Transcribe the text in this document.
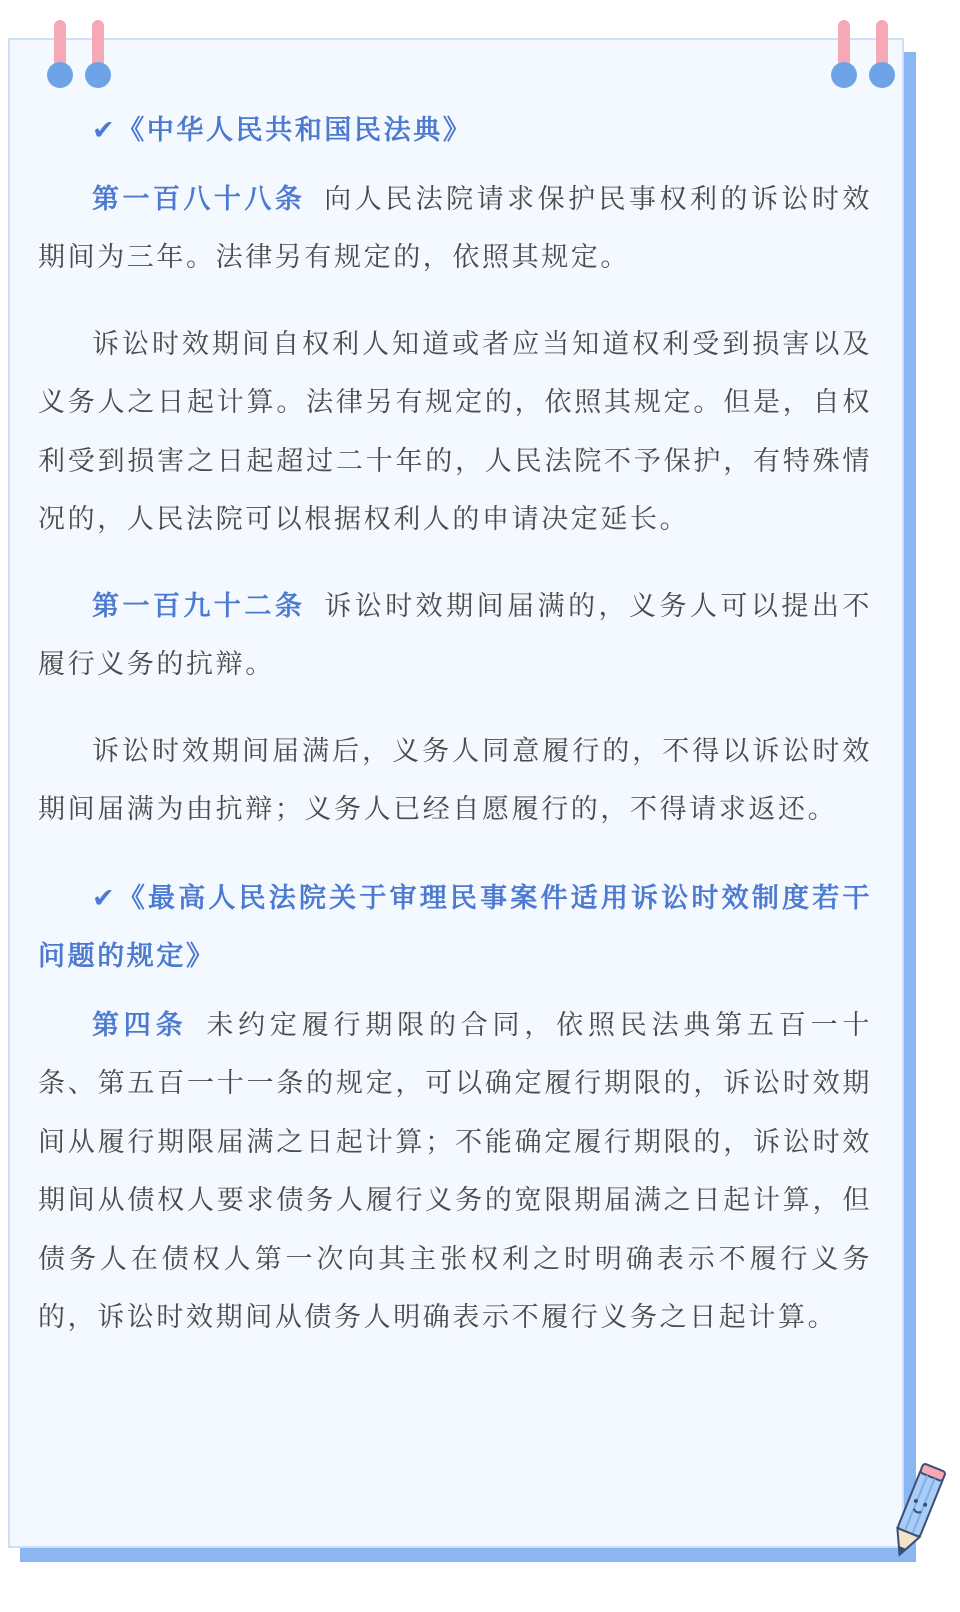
✔《中华人民共和国民法典》

第一百八十八条 向人民法院请求保护民事权利的诉讼时效期间为三年。法律另有规定的，依照其规定。

诉讼时效期间自权利人知道或者应当知道权利受到损害以及义务人之日起计算。法律另有规定的，依照其规定。但是，自权利受到损害之日起超过二十年的，人民法院不予保护，有特殊情况的，人民法院可以根据权利人的申请决定延长。

第一百九十二条 诉讼时效期间届满的，义务人可以提出不履行义务的抗辩。

诉讼时效期间届满后，义务人同意履行的，不得以诉讼时效期间届满为由抗辩；义务人已经自愿履行的，不得请求返还。

✔《最高人民法院关于审理民事案件适用诉讼时效制度若干问题的规定》

第四条 未约定履行期限的合同，依照民法典第五百一十条、第五百一十一条的规定，可以确定履行期限的，诉讼时效期间从履行期限届满之日起计算；不能确定履行期限的，诉讼时效期间从债权人要求债务人履行义务的宽限期届满之日起计算，但债务人在债权人第一次向其主张权利之时明确表示不履行义务的，诉讼时效期间从债务人明确表示不履行义务之日起计算。
